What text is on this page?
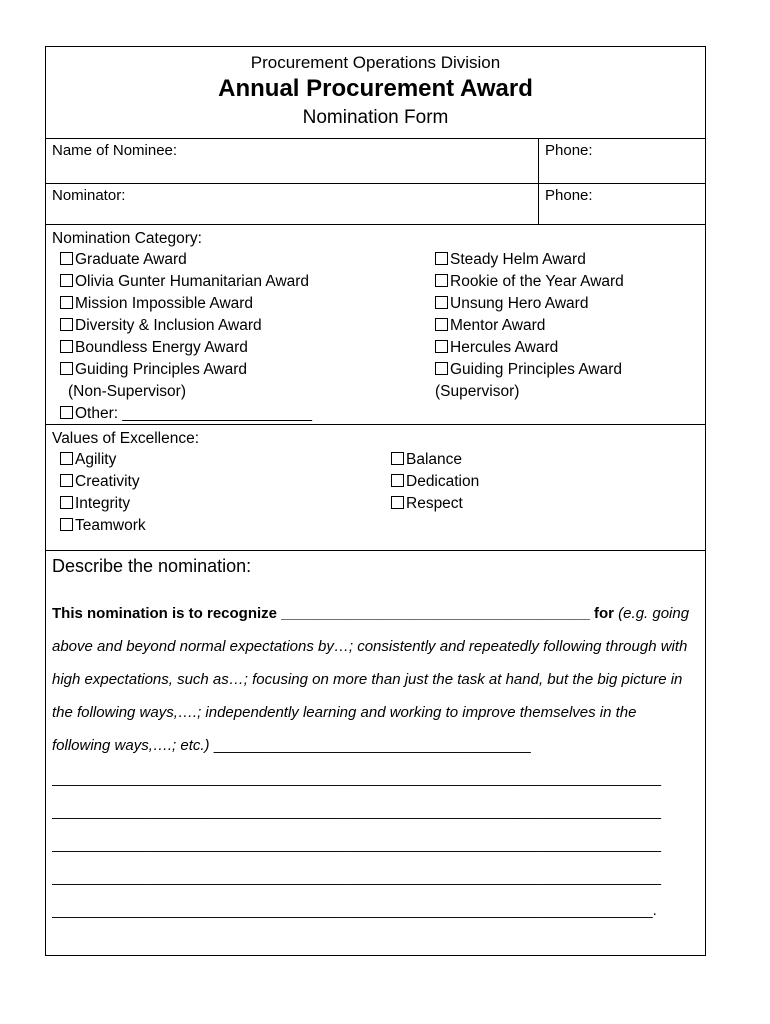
Procurement Operations Division
Annual Procurement Award
Nomination Form
Name of Nominee:	Phone:
Nominator:	Phone:
Nomination Category:
Graduate Award
Olivia Gunter Humanitarian Award
Mission Impossible Award
Diversity & Inclusion Award
Boundless Energy Award
Guiding Principles Award
(Non-Supervisor)
Other: ______________________
Steady Helm Award
Rookie of the Year Award
Unsung Hero Award
Mentor Award
Hercules Award
Guiding Principles Award
(Supervisor)
Values of Excellence:
Agility
Creativity
Integrity
Teamwork
Balance
Dedication
Respect
Describe the nomination:
This nomination is to recognize _____________________________________ for (e.g. going above and beyond normal expectations by…; consistently and repeatedly following through with high expectations, such as…; focusing on more than just the task at hand, but the big picture in the following ways,….; independently learning and working to improve themselves in the following ways,….; etc.) ______________________________________
_________________________________________________________________________
_________________________________________________________________________
_________________________________________________________________________
_________________________________________________________________________
________________________________________________________________________.
